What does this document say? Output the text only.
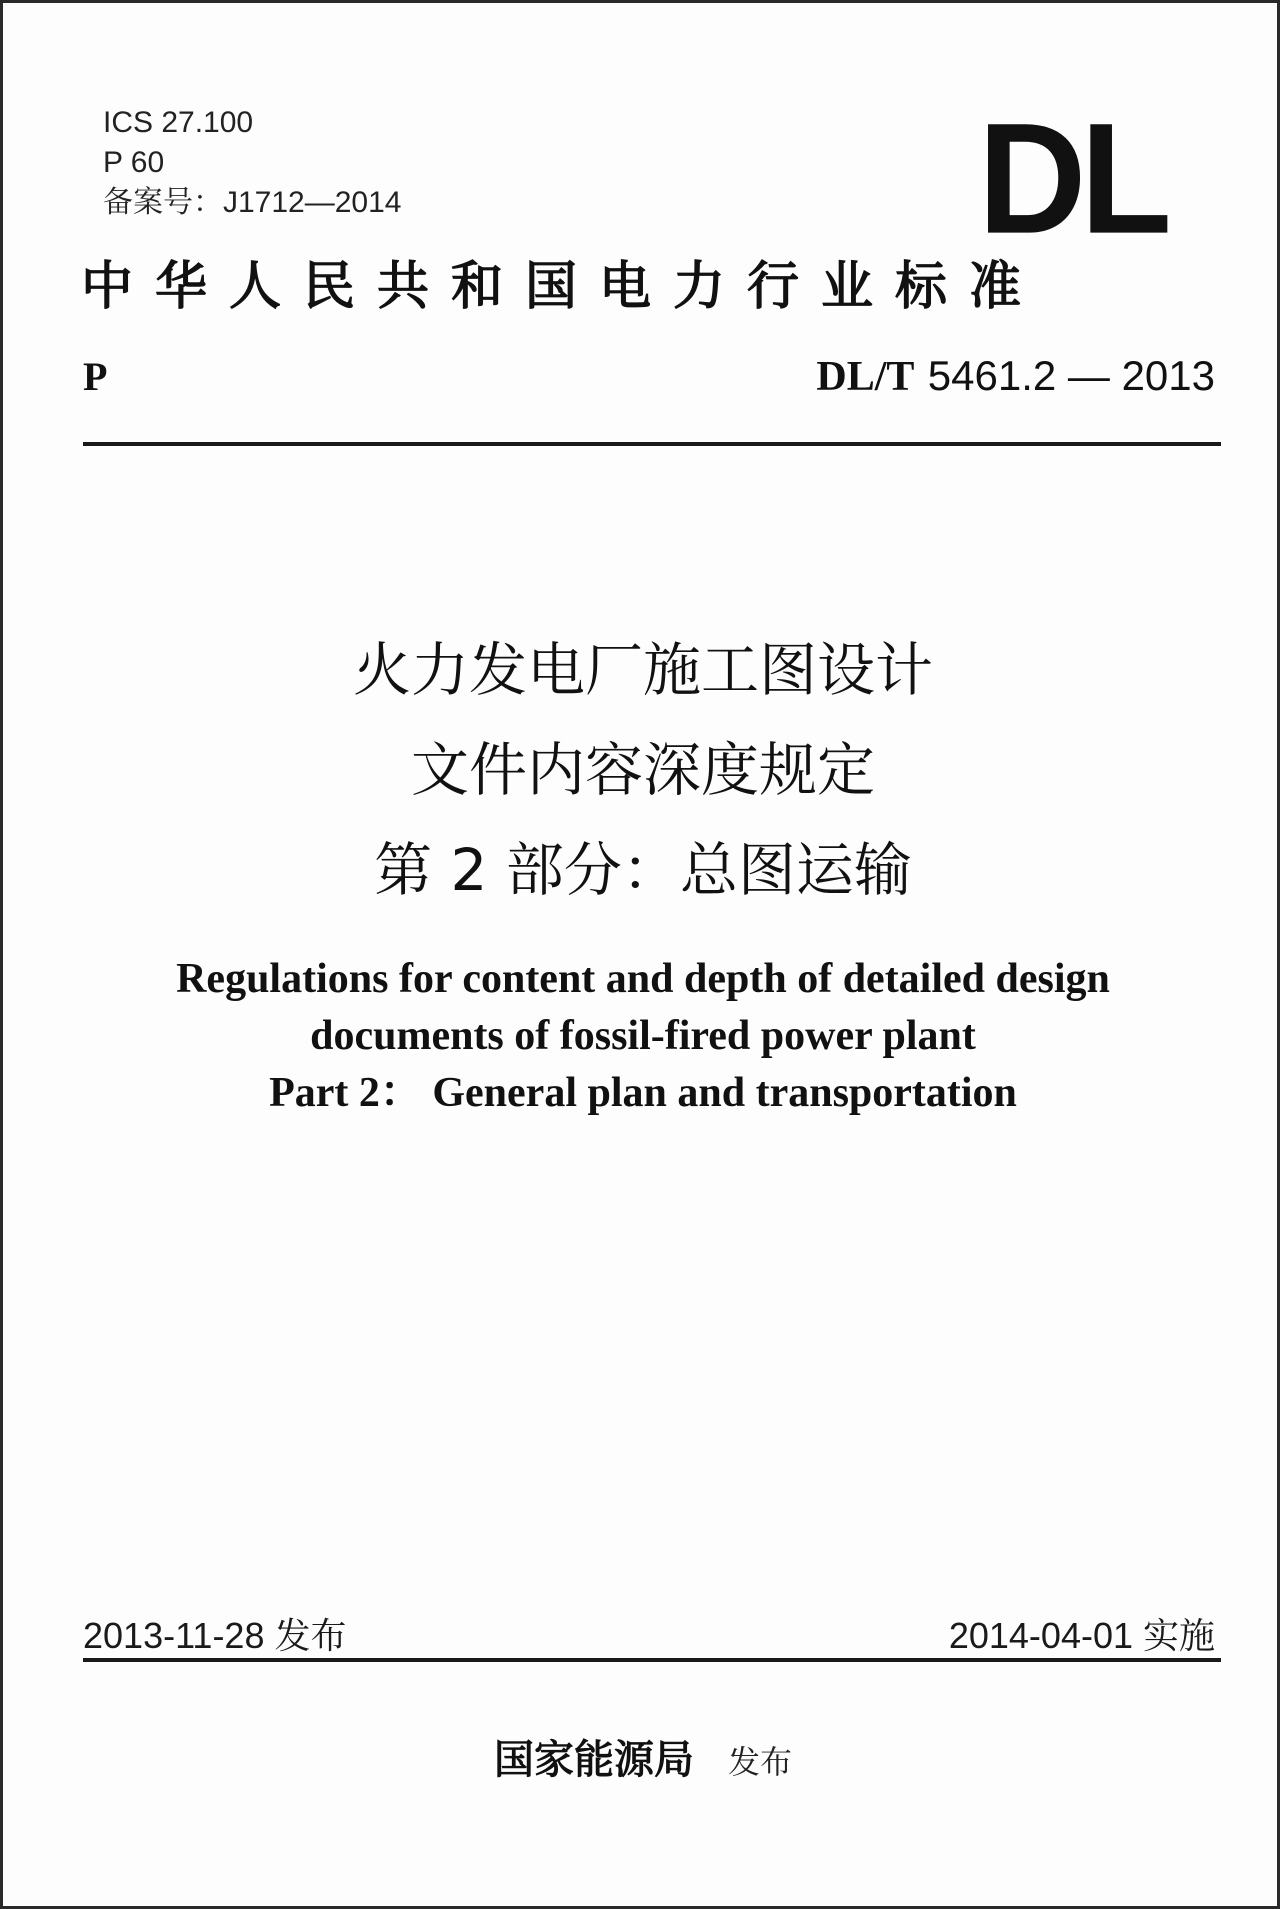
ICS 27.100
P 60
备案号：J1712—2014	DL
中华人民共和国电力行业标准
P	DL/T 5461.2 — 2013
火力发电厂施工图设计
文件内容深度规定
第 2 部分：总图运输
Regulations for content and depth of detailed design
documents of fossil-fired power plant
Part 2： General plan and transportation
2013-11-28 发布	2014-04-01 实施
国家能源局 发布
